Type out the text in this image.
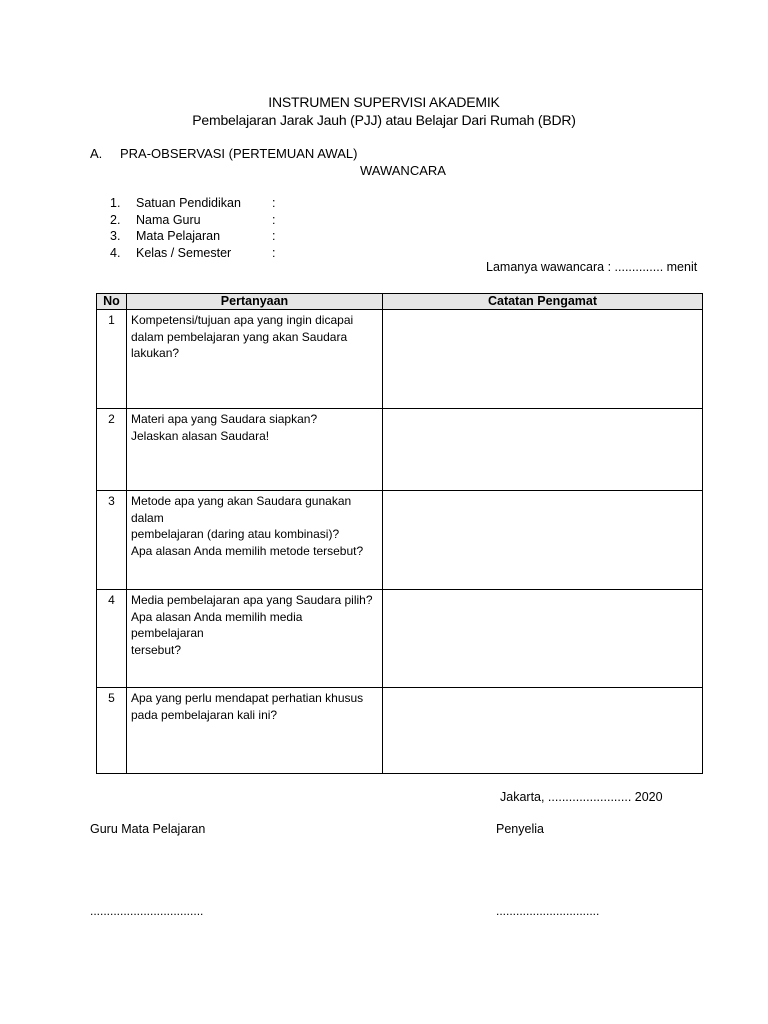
INSTRUMEN SUPERVISI AKADEMIK
Pembelajaran Jarak Jauh (PJJ) atau Belajar Dari Rumah (BDR)
A. PRA-OBSERVASI (PERTEMUAN AWAL)
WAWANCARA
1.	Satuan Pendidikan	:
2.	Nama Guru	:
3.	Mata Pelajaran	:
4.	Kelas / Semester	:
Lamanya wawancara : .............. menit
No	Pertanyaan	Catatan Pengamat
1	Kompetensi/tujuan apa yang ingin dicapai
dalam pembelajaran yang akan Saudara
lakukan?	

2	Materi apa yang Saudara siapkan?
Jelaskan alasan Saudara!	

3	Metode apa yang akan Saudara gunakan dalam
pembelajaran (daring atau kombinasi)?
Apa alasan Anda memilih metode tersebut?	

4	Media pembelajaran apa yang Saudara pilih?
Apa alasan Anda memilih media pembelajaran
tersebut?	

5	Apa yang perlu mendapat perhatian khusus
pada pembelajaran kali ini?	

Jakarta, ........................ 2020
Guru Mata Pelajaran	Penyelia
..................................	...............................
